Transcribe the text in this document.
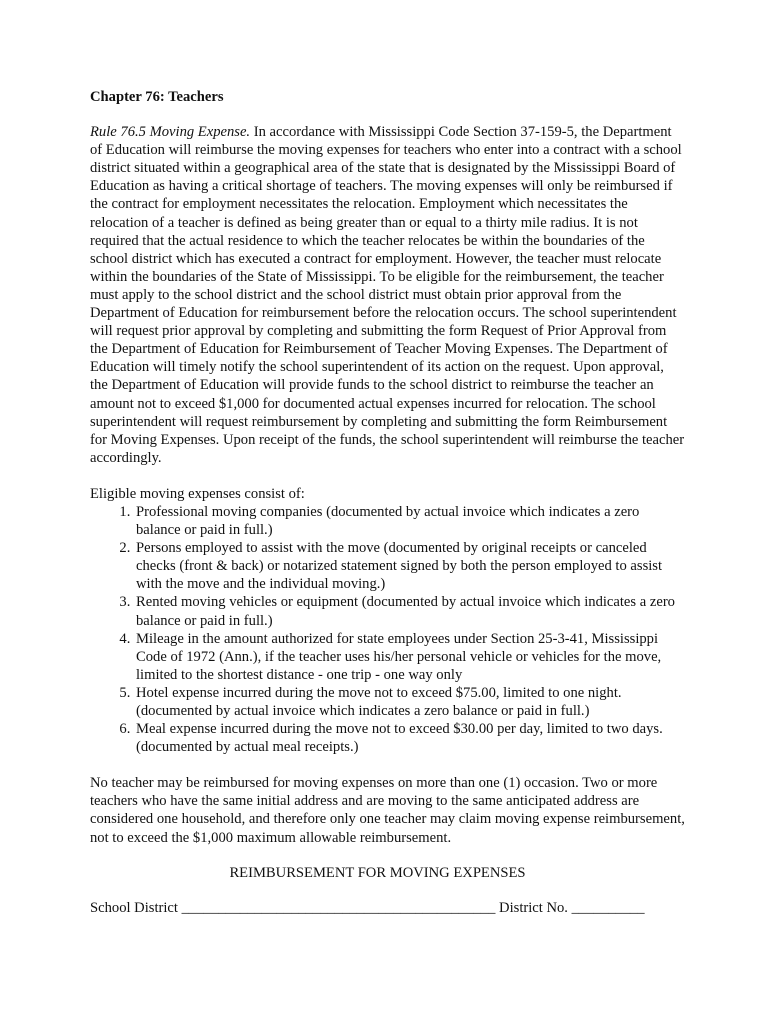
Chapter 76: Teachers

Rule 76.5 Moving Expense. In accordance with Mississippi Code Section 37-159-5, the Department of Education will reimburse the moving expenses for teachers who enter into a contract with a school district situated within a geographical area of the state that is designated by the Mississippi Board of Education as having a critical shortage of teachers. The moving expenses will only be reimbursed if the contract for employment necessitates the relocation. Employment which necessitates the relocation of a teacher is defined as being greater than or equal to a thirty mile radius. It is not required that the actual residence to which the teacher relocates be within the boundaries of the school district which has executed a contract for employment. However, the teacher must relocate within the boundaries of the State of Mississippi. To be eligible for the reimbursement, the teacher must apply to the school district and the school district must obtain prior approval from the Department of Education for reimbursement before the relocation occurs. The school superintendent will request prior approval by completing and submitting the form Request of Prior Approval from the Department of Education for Reimbursement of Teacher Moving Expenses. The Department of Education will timely notify the school superintendent of its action on the request. Upon approval, the Department of Education will provide funds to the school district to reimburse the teacher an amount not to exceed $1,000 for documented actual expenses incurred for relocation. The school superintendent will request reimbursement by completing and submitting the form Reimbursement for Moving Expenses. Upon receipt of the funds, the school superintendent will reimburse the teacher accordingly.

Eligible moving expenses consist of:

1. Professional moving companies (documented by actual invoice which indicates a zero balance or paid in full.)
2. Persons employed to assist with the move (documented by original receipts or canceled checks (front & back) or notarized statement signed by both the person employed to assist with the move and the individual moving.)
3. Rented moving vehicles or equipment (documented by actual invoice which indicates a zero balance or paid in full.)
4. Mileage in the amount authorized for state employees under Section 25-3-41, Mississippi Code of 1972 (Ann.), if the teacher uses his/her personal vehicle or vehicles for the move, limited to the shortest distance - one trip - one way only
5. Hotel expense incurred during the move not to exceed $75.00, limited to one night. (documented by actual invoice which indicates a zero balance or paid in full.)
6. Meal expense incurred during the move not to exceed $30.00 per day, limited to two days. (documented by actual meal receipts.)

No teacher may be reimbursed for moving expenses on more than one (1) occasion. Two or more teachers who have the same initial address and are moving to the same anticipated address are considered one household, and therefore only one teacher may claim moving expense reimbursement, not to exceed the $1,000 maximum allowable reimbursement.

REIMBURSEMENT FOR MOVING EXPENSES

School District ___________________________________________ District No. __________
